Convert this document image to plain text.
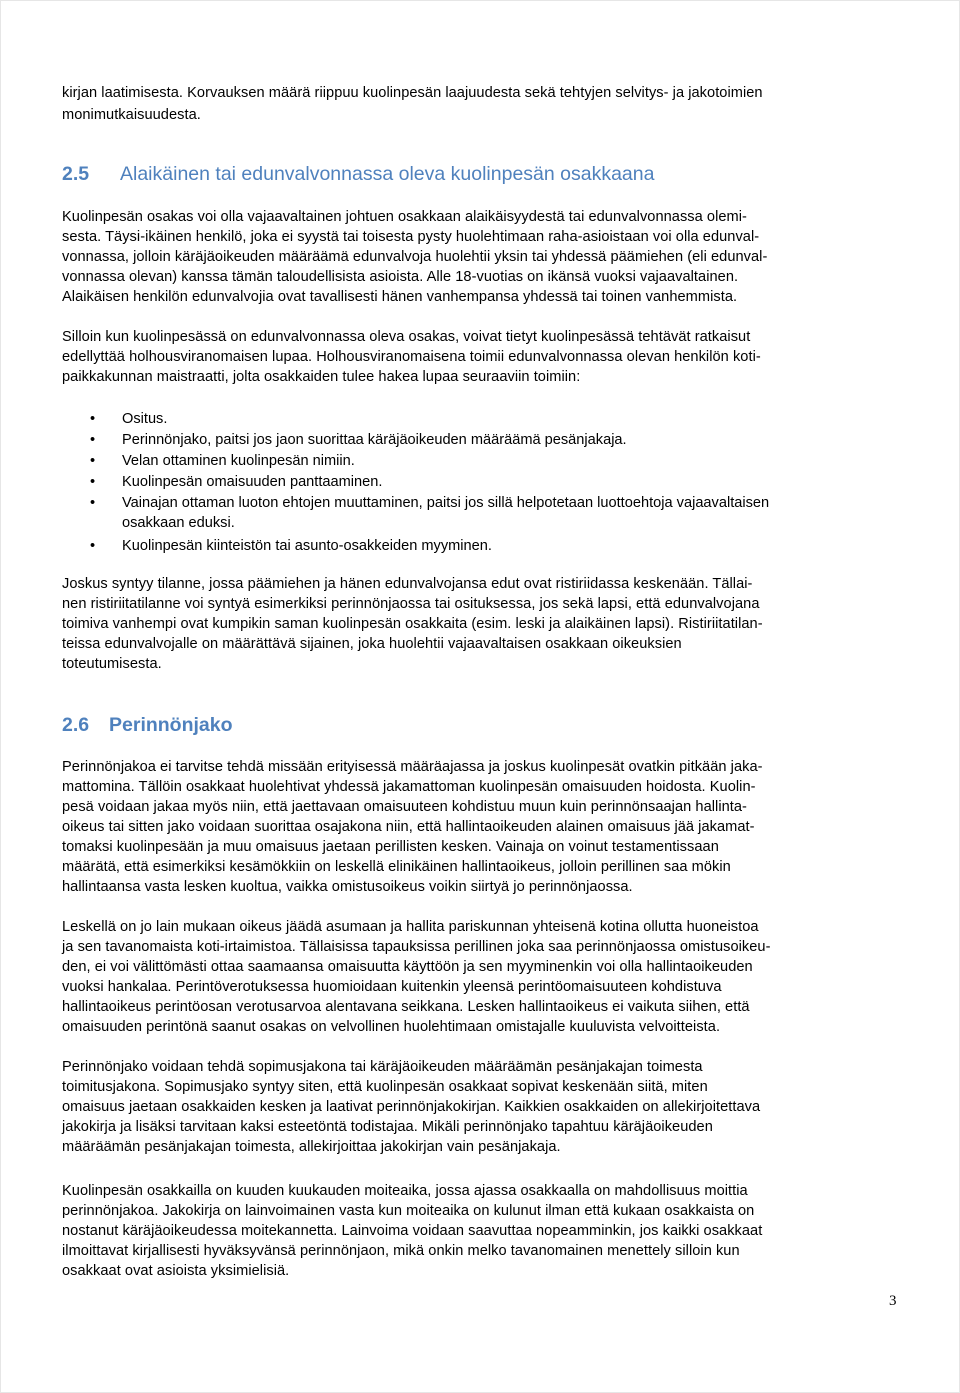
kirjan laatimisesta. Korvauksen määrä riippuu kuolinpesän laajuudesta sekä tehtyjen selvitys- ja jakotoimien
monimutkaisuudesta.
2.5 Alaikäinen tai edunvalvonnassa oleva kuolinpesän osakkaana
Kuolinpesän osakas voi olla vajaavaltainen johtuen osakkaan alaikäisyydestä tai edunvalvonnassa olemi-
sesta. Täysi-ikäinen henkilö, joka ei syystä tai toisesta pysty huolehtimaan raha-asioistaan voi olla edunval-
vonnassa, jolloin käräjäoikeuden määräämä edunvalvoja huolehtii yksin tai yhdessä päämiehen (eli edunval-
vonnassa olevan) kanssa tämän taloudellisista asioista. Alle 18-vuotias on ikänsä vuoksi vajaavaltainen.
Alaikäisen henkilön edunvalvojia ovat tavallisesti hänen vanhempansa yhdessä tai toinen vanhemmista.
Silloin kun kuolinpesässä on edunvalvonnassa oleva osakas, voivat tietyt kuolinpesässä tehtävät ratkaisut
edellyttää holhousviranomaisen lupaa. Holhousviranomaisena toimii edunvalvonnassa olevan henkilön koti-
paikkakunnan maistraatti, jolta osakkaiden tulee hakea lupaa seuraaviin toimiin:
• Ositus.
• Perinnönjako, paitsi jos jaon suorittaa käräjäoikeuden määräämä pesänjakaja.
• Velan ottaminen kuolinpesän nimiin.
• Kuolinpesän omaisuuden panttaaminen.
• Vainajan ottaman luoton ehtojen muuttaminen, paitsi jos sillä helpotetaan luottoehtoja vajaavaltaisen
osakkaan eduksi.
• Kuolinpesän kiinteistön tai asunto-osakkeiden myyminen.
Joskus syntyy tilanne, jossa päämiehen ja hänen edunvalvojansa edut ovat ristiriidassa keskenään. Tällai-
nen ristiriitatilanne voi syntyä esimerkiksi perinnönjaossa tai osituksessa, jos sekä lapsi, että edunvalvojana
toimiva vanhempi ovat kumpikin saman kuolinpesän osakkaita (esim. leski ja alaikäinen lapsi). Ristiriitatilan-
teissa edunvalvojalle on määrättävä sijainen, joka huolehtii vajaavaltaisen osakkaan oikeuksien
toteutumisesta.
2.6 Perinnönjako
Perinnönjakoa ei tarvitse tehdä missään erityisessä määräajassa ja joskus kuolinpesät ovatkin pitkään jaka-
mattomina. Tällöin osakkaat huolehtivat yhdessä jakamattoman kuolinpesän omaisuuden hoidosta. Kuolin-
pesä voidaan jakaa myös niin, että jaettavaan omaisuuteen kohdistuu muun kuin perinnönsaajan hallinta-
oikeus tai sitten jako voidaan suorittaa osajakona niin, että hallintaoikeuden alainen omaisuus jää jakamat-
tomaksi kuolinpesään ja muu omaisuus jaetaan perillisten kesken. Vainaja on voinut testamentissaan
määrätä, että esimerkiksi kesämökkiin on leskellä elinikäinen hallintaoikeus, jolloin perillinen saa mökin
hallintaansa vasta lesken kuoltua, vaikka omistusoikeus voikin siirtyä jo perinnönjaossa.
Leskellä on jo lain mukaan oikeus jäädä asumaan ja hallita pariskunnan yhteisenä kotina ollutta huoneistoa
ja sen tavanomaista koti-irtaimistoa. Tällaisissa tapauksissa perillinen joka saa perinnönjaossa omistusoikeu-
den, ei voi välittömästi ottaa saamaansa omaisuutta käyttöön ja sen myyminenkin voi olla hallintaoikeuden
vuoksi hankalaa. Perintöverotuksessa huomioidaan kuitenkin yleensä perintöomaisuuteen kohdistuva
hallintaoikeus perintöosan verotusarvoa alentavana seikkana. Lesken hallintaoikeus ei vaikuta siihen, että
omaisuuden perintönä saanut osakas on velvollinen huolehtimaan omistajalle kuuluvista velvoitteista.
Perinnönjako voidaan tehdä sopimusjakona tai käräjäoikeuden määräämän pesänjakajan toimesta
toimitusjakona. Sopimusjako syntyy siten, että kuolinpesän osakkaat sopivat keskenään siitä, miten
omaisuus jaetaan osakkaiden kesken ja laativat perinnönjakokirjan. Kaikkien osakkaiden on allekirjoitettava
jakokirja ja lisäksi tarvitaan kaksi esteetöntä todistajaa. Mikäli perinnönjako tapahtuu käräjäoikeuden
määräämän pesänjakajan toimesta, allekirjoittaa jakokirjan vain pesänjakaja.
Kuolinpesän osakkailla on kuuden kuukauden moiteaika, jossa ajassa osakkaalla on mahdollisuus moittia
perinnönjakoa. Jakokirja on lainvoimainen vasta kun moiteaika on kulunut ilman että kukaan osakkaista on
nostanut käräjäoikeudessa moitekannetta. Lainvoima voidaan saavuttaa nopeamminkin, jos kaikki osakkaat
ilmoittavat kirjallisesti hyväksyvänsä perinnönjaon, mikä onkin melko tavanomainen menettely silloin kun
osakkaat ovat asioista yksimielisiä.
3
